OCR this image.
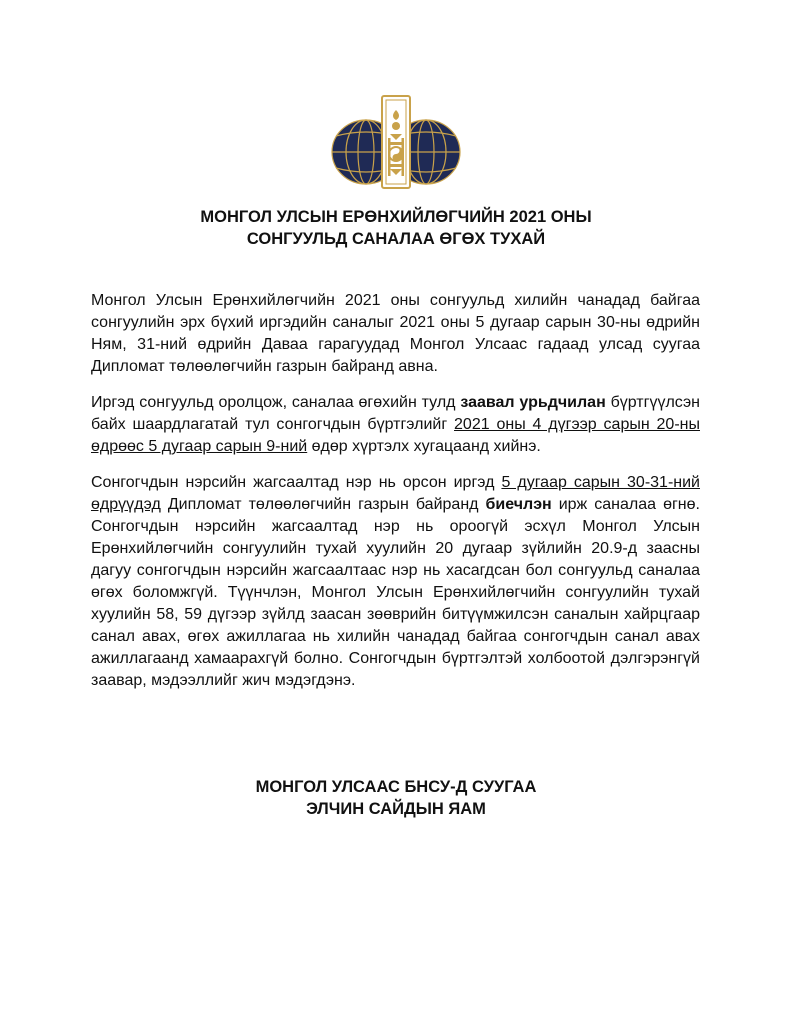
МОНГОЛ УЛСЫН ЕРӨНХИЙЛӨГЧИЙН 2021 ОНЫ
СОНГУУЛЬД САНАЛАА ӨГӨХ ТУХАЙ

Монгол Улсын Ерөнхийлөгчийн 2021 оны сонгуульд хилийн чанадад байгаа сонгуулийн эрх бүхий иргэдийн саналыг 2021 оны 5 дугаар сарын 30-ны өдрийн Ням, 31-ний өдрийн Даваа гарагуудад Монгол Улсаас гадаад улсад суугаа Дипломат төлөөлөгчийн газрын байранд авна.

Иргэд сонгуульд оролцож, саналаа өгөхийн тулд заавал урьдчилан бүртгүүлсэн байх шаардлагатай тул сонгогчдын бүртгэлийг 2021 оны 4 дүгээр сарын 20-ны өдрөөс 5 дугаар сарын 9-ний өдөр хүртэлх хугацаанд хийнэ.

Сонгогчдын нэрсийн жагсаалтад нэр нь орсон иргэд 5 дугаар сарын 30-31-ний өдрүүдэд Дипломат төлөөлөгчийн газрын байранд биечлэн ирж саналаа өгнө. Сонгогчдын нэрсийн жагсаалтад нэр нь ороогүй эсхүл Монгол Улсын Ерөнхийлөгчийн сонгуулийн тухай хуулийн 20 дугаар зүйлийн 20.9-д заасны дагуу сонгогчдын нэрсийн жагсаалтаас нэр нь хасагдсан бол сонгуульд саналаа өгөх боломжгүй. Түүнчлэн, Монгол Улсын Ерөнхийлөгчийн сонгуулийн тухай хуулийн 58, 59 дүгээр зүйлд заасан зөөврийн битүүмжилсэн саналын хайрцгаар санал авах, өгөх ажиллагаа нь хилийн чанадад байгаа сонгогчдын санал авах ажиллагаанд хамаарахгүй болно. Сонгогчдын бүртгэлтэй холбоотой дэлгэрэнгүй заавар, мэдээллийг жич мэдэгдэнэ.

МОНГОЛ УЛСААС БНСУ-Д СУУГАА
ЭЛЧИН САЙДЫН ЯАМ
